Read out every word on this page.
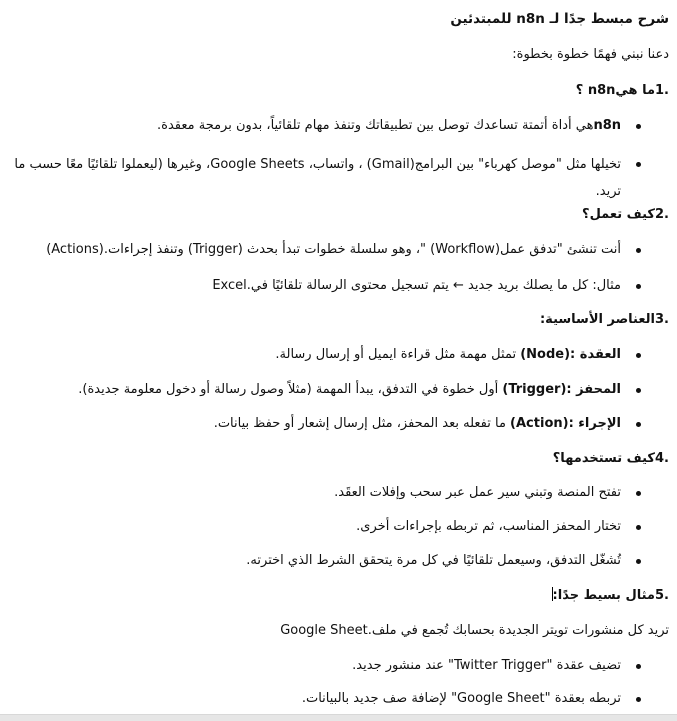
شرح مبسط جدًا لـ n8n للمبتدئين
دعنا نبني فهمًا خطوة بخطوة:
.1ما هيn8n ؟
n8nهي أداة أتمتة تساعدك توصل بين تطبيقاتك وتنفذ مهام تلقائياً، بدون برمجة معقدة.
تخيلها مثل "موصل كهرباء" بين البرامج(Gmail) ، واتساب، Google Sheets، وغيرها (ليعملوا تلقائيًا معًا حسب ما تريد.
.2كيف تعمل؟
أنت تنشئ "تدفق عمل(Workflow) "، وهو سلسلة خطوات تبدأ بحدث (Trigger) وتنفذ إجراءات.(Actions)
مثال: كل ما يصلك بريد جديد ← يتم تسجيل محتوى الرسالة تلقائيًا في.Excel
.3العناصر الأساسية:
العقدة :(Node) تمثل مهمة مثل قراءة ايميل أو إرسال رسالة.
المحفز :(Trigger) أول خطوة في التدفق، يبدأ المهمة (مثلاً وصول رسالة أو دخول معلومة جديدة).
الإجراء :(Action) ما تفعله بعد المحفز، مثل إرسال إشعار أو حفظ بيانات.
.4كيف تستخدمها؟
تفتح المنصة وتبني سير عمل عبر سحب وإفلات العقَد.
تختار المحفز المناسب، ثم تربطه بإجراءات أخرى.
تُشغّل التدفق، وسيعمل تلقائيًا في كل مرة يتحقق الشرط الذي اخترته.
.5مثال بسيط جدًا:
تريد كل منشورات تويتر الجديدة بحسابك تُجمع في ملف.Google Sheet
تضيف عقدة "Twitter Trigger" عند منشور جديد.
تربطه بعقدة "Google Sheet" لإضافة صف جديد بالبيانات.
